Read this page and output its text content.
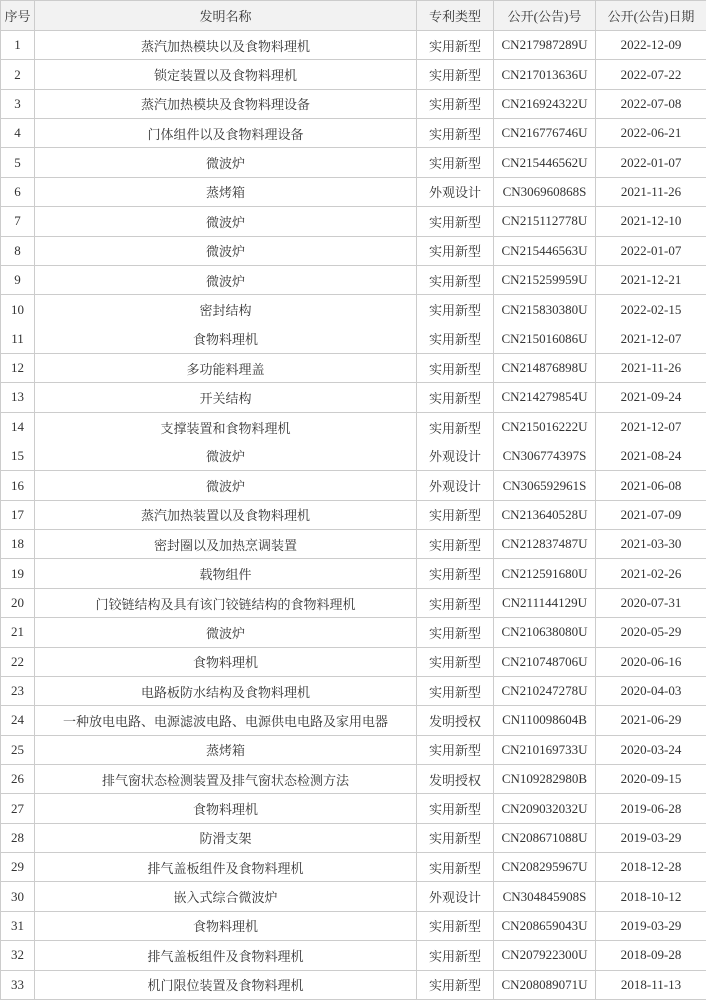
序号	发明名称	专利类型	公开(公告)号	公开(公告)日期
1	蒸汽加热模块以及食物料理机	实用新型	CN217987289U	2022-12-09
2	锁定装置以及食物料理机	实用新型	CN217013636U	2022-07-22
3	蒸汽加热模块及食物料理设备	实用新型	CN216924322U	2022-07-08
4	门体组件以及食物料理设备	实用新型	CN216776746U	2022-06-21
5	微波炉	实用新型	CN215446562U	2022-01-07
6	蒸烤箱	外观设计	CN306960868S	2021-11-26
7	微波炉	实用新型	CN215112778U	2021-12-10
8	微波炉	实用新型	CN215446563U	2022-01-07
9	微波炉	实用新型	CN215259959U	2021-12-21
10	密封结构	实用新型	CN215830380U	2022-02-15
11	食物料理机	实用新型	CN215016086U	2021-12-07
12	多功能料理盖	实用新型	CN214876898U	2021-11-26
13	开关结构	实用新型	CN214279854U	2021-09-24
14	支撑装置和食物料理机	实用新型	CN215016222U	2021-12-07
15	微波炉	外观设计	CN306774397S	2021-08-24
16	微波炉	外观设计	CN306592961S	2021-06-08
17	蒸汽加热装置以及食物料理机	实用新型	CN213640528U	2021-07-09
18	密封圈以及加热烹调装置	实用新型	CN212837487U	2021-03-30
19	载物组件	实用新型	CN212591680U	2021-02-26
20	门铰链结构及具有该门铰链结构的食物料理机	实用新型	CN211144129U	2020-07-31
21	微波炉	实用新型	CN210638080U	2020-05-29
22	食物料理机	实用新型	CN210748706U	2020-06-16
23	电路板防水结构及食物料理机	实用新型	CN210247278U	2020-04-03
24	一种放电电路、电源滤波电路、电源供电电路及家用电器	发明授权	CN110098604B	2021-06-29
25	蒸烤箱	实用新型	CN210169733U	2020-03-24
26	排气窗状态检测装置及排气窗状态检测方法	发明授权	CN109282980B	2020-09-15
27	食物料理机	实用新型	CN209032032U	2019-06-28
28	防滑支架	实用新型	CN208671088U	2019-03-29
29	排气盖板组件及食物料理机	实用新型	CN208295967U	2018-12-28
30	嵌入式综合微波炉	外观设计	CN304845908S	2018-10-12
31	食物料理机	实用新型	CN208659043U	2019-03-29
32	排气盖板组件及食物料理机	实用新型	CN207922300U	2018-09-28
33	机门限位装置及食物料理机	实用新型	CN208089071U	2018-11-13
